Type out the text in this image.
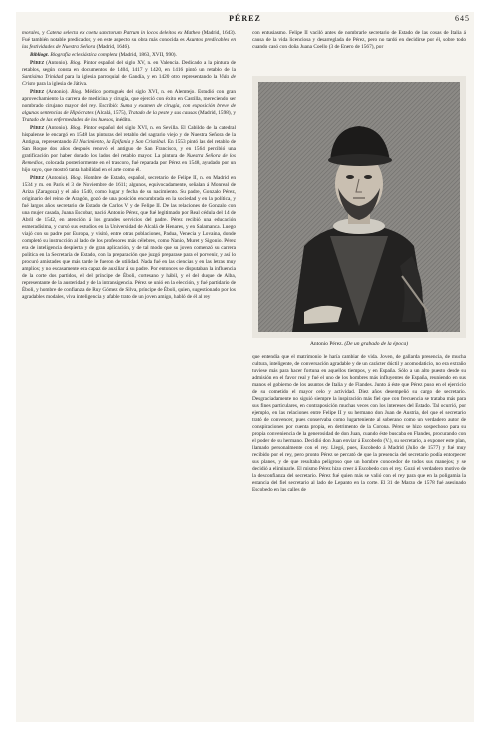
PÉREZ	645

morales, y Catena selecta ex coetu sanctorum Patrum in locos deleitos ex Matheo (Madrid, 1643). Fué también notable predicador, y en este aspecto su obra más conocida es Asuntos predicables en las festividades de Nuestra Señora (Madrid, 1646).

Bibliogr. Biografía eclesiástica completa (Madrid, 1863, XVII, 990).

Pérez (Antonio). Biog. Pintor español del siglo XV, n. en Valencia. Dedicado a la pintura de retablos, según consta en documentos de 1404, 1417 y 1420, en 1416 pintó un retablo de la Santísima Trinidad para la iglesia parroquial de Gandía, y en 1420 otro representando la Vida de Cristo para la iglesia de Játiva.

Pérez (Antonio). Biog. Médico portugués del siglo XVI, n. en Alemtejo. Estudió con gran aprovechamiento la carrera de medicina y cirugía, que ejerció con éxito en Castilla, mereciendo ser nombrado cirujano mayor del rey. Escribió: Suma y examen de cirugía, con exposición breve de algunas sentencias de Hipócrates (Alcalá, 1575), Tratado de la peste y sus causas (Madrid, 1598), y Tratado de las enfermedades de los huesos, inédito.

Pérez (Antonio). Biog. Pintor español del siglo XVI, n. en Sevilla. El Cabildo de la catedral hispalense le encargó en 1548 las pinturas del retablo del sagrario viejo y de Nuestra Señora de la Antigua, representando El Nacimiento, la Epifanía y San Cristóbal. En 1553 pintó las del retablo de San Roque dos años después renovó el antiguo de San Francisco, y en 1564 percibió una gratificación por haber dorado los lados del retablo mayor. La pintura de Nuestra Señora de los Remedios, colocada posteriormente en el trascoro, fué reparada por Pérez en 1548, ayudado por un hijo suyo, que mostró tanta habilidad en el arte como él.

Pérez (Antonio). Biog. Hombre de Estado, español, secretario de Felipe II, n. en Madrid en 1534 y m. en París el 3 de Noviembre de 1611; algunos, equivocadamente, señalan á Monreal de Ariza (Zaragoza) y el año 1540, como lugar y fecha de su nacimiento. Su padre, Gonzalo Pérez, originario del reino de Aragón, gozó de una posición encumbrada en la sociedad y en la política, y fué largos años secretario de Estado de Carlos V y de Felipe II. De las relaciones de Gonzalo con una mujer casada, Juana Escobar, nació Antonio Pérez, que fué legitimado por Real cédula del 14 de Abril de 1542, en atención á los grandes servicios del padre. Pérez recibió una educación esmeradísima, y cursó sus estudios en la Universidad de Alcalá de Henares, y en Salamanca. Luego viajó con su padre por Europa, y visitó, entre otras poblaciones, Padua, Venecia y Lovaina, donde completó su instrucción al lado de los profesores más célebres, como Nanio, Muret y Sigonio. Pérez era de inteligencia despierta y de gran aplicación, y de tal modo que su joven comenzó su carrera política en la Secretaría de Estado, con la preparación que juzgó preparase para el porvenir, y así lo procuró amistades que más tarde le fueron de utilidad. Nada fué en las ciencias y en las letras muy amplios; y no escasamente era capaz de auxiliar á su padre. Por entonces se disputaban la influencia de la corte dos partidos, el del príncipe de Éboli, cortesano y hábil, y el del duque de Alba, representante de la austeridad y de la intransigencia. Pérez se unió en la elección, y fué partidario de Éboli, y hombre de confianza de Ruy Gómez de Silva, príncipe de Éboli, quien, sugestionado por los agradables modales, viva inteligencia y afable trato de un joven amigo, habló de él al rey

con entusiasmo. Felipe II vaciló antes de nombrarle secretario de Estado de las cosas de Italia á causa de la vida licenciosa y desarreglada de Pérez, pero no tardó en decidirse por él, sobre todo cuando casó con doña Juana Coello (3 de Enero de 1567), por

Antonio Pérez. (De un grabado de la época)

que entendía que el matrimonio le haría cambiar de vida. Joven, de gallarda presencia, de mucha cultura, inteligente, de conversación agradable y de un carácter dúctil y acomodaticio, no era extraño tuviese más para hacer fortuna en aquellos tiempos, y en España. Sólo a un alto puesto desde su admisión en el favor real y fué el uno de los hombres más influyentes de España, reuniendo en sus manos el gobierno de los asuntos de Italia y de Flandes. Junto á éste que Pérez puso en el ejercicio de su cometido el mayor celo y actividad. Diez años desempeñó su cargo de secretario. Desgraciadamente no siguió siempre la inspiración más fiel que con frecuencia se trataba más para sus fines particulares, en contraposición muchas veces con los intereses del Estado. Tal ocurrió, por ejemplo, en las relaciones entre Felipe II y su hermano don Juan de Austria, del que el secretario trató de convencer, pues conservaba como lugarteniente al soberano como un verdadero autor de conspiraciones por cuenta propia, en detrimento de la Corona. Pérez se hizo sospechoso para su propia conveniencia de la generosidad de don Juan, cuando éste buscaba en Flandes, procurando con el poder de su hermano. Decidió don Juan enviar á Escobedo (V.), su secretario, a exponer este plan, llamado personalmente con el rey. Llegó, pues, Escobedo á Madrid (Julio de 1577) y fué muy recibido por el rey, pero pronto Pérez se percató de que la presencia del secretario podía entorpecer sus planes, y de que resultaba peligroso que un hombre conocedor de todos sus manejos; y se decidió a eliminarle. El mismo Pérez hizo creer á Escobedo con el rey. Gozó el verdadero motivo de la desconfianza del secretario. Pérez fué quien más se valió con el rey para que en la poligamia la estancia del fiel secretario al lado de Lepanto en la corte. El 31 de Marzo de 1578 fué asesinado Escobedo en las calles de
